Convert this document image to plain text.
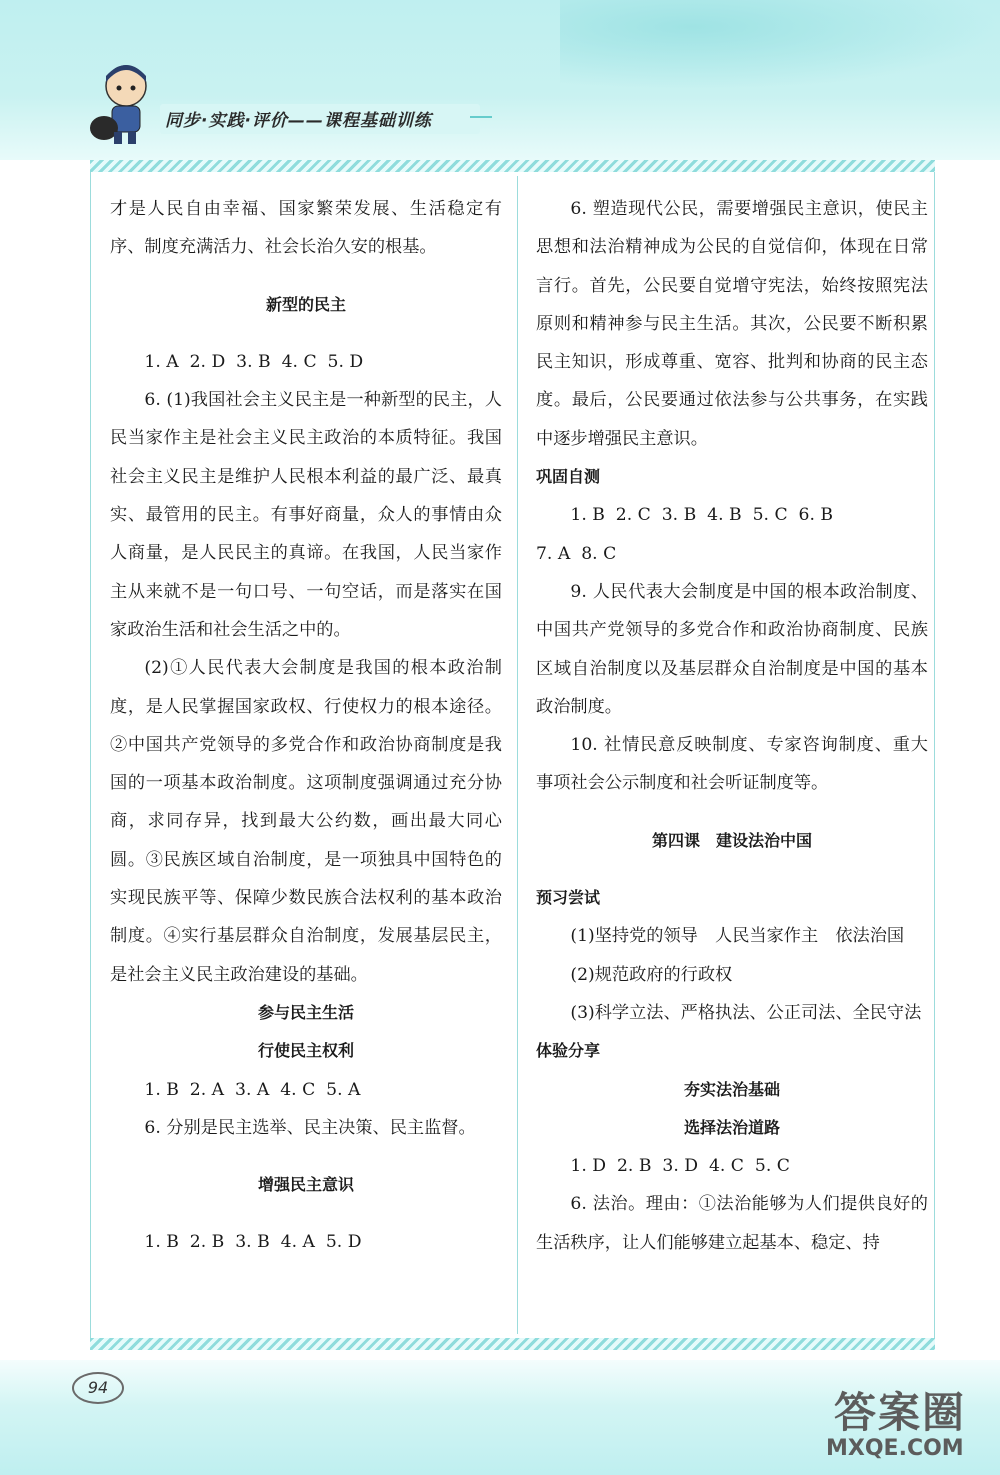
同步·实践·评价——课程基础训练

才是人民自由幸福、国家繁荣发展、生活稳定有序、制度充满活力、社会长治久安的根基。

新型的民主

1. A  2. D  3. B  4. C  5. D

6. (1)我国社会主义民主是一种新型的民主，人民当家作主是社会主义民主政治的本质特征。我国社会主义民主是维护人民根本利益的最广泛、最真实、最管用的民主。有事好商量，众人的事情由众人商量，是人民民主的真谛。在我国，人民当家作主从来就不是一句口号、一句空话，而是落实在国家政治生活和社会生活之中的。

(2)①人民代表大会制度是我国的根本政治制度，是人民掌握国家政权、行使权力的根本途径。②中国共产党领导的多党合作和政治协商制度是我国的一项基本政治制度。这项制度强调通过充分协商，求同存异，找到最大公约数，画出最大同心圆。③民族区域自治制度，是一项独具中国特色的实现民族平等、保障少数民族合法权利的基本政治制度。④实行基层群众自治制度，发展基层民主，是社会主义民主政治建设的基础。

参与民主生活

行使民主权利

1. B  2. A  3. A  4. C  5. A

6. 分别是民主选举、民主决策、民主监督。

增强民主意识

1. B  2. B  3. B  4. A  5. D

6. 塑造现代公民，需要增强民主意识，使民主思想和法治精神成为公民的自觉信仰，体现在日常言行。首先，公民要自觉增守宪法，始终按照宪法原则和精神参与民主生活。其次，公民要不断积累民主知识，形成尊重、宽容、批判和协商的民主态度。最后，公民要通过依法参与公共事务，在实践中逐步增强民主意识。

巩固自测

1. B  2. C  3. B  4. B  5. C  6. B

7. A  8. C

9. 人民代表大会制度是中国的根本政治制度、中国共产党领导的多党合作和政治协商制度、民族区域自治制度以及基层群众自治制度是中国的基本政治制度。

10. 社情民意反映制度、专家咨询制度、重大事项社会公示制度和社会听证制度等。

第四课　建设法治中国

预习尝试

(1)坚持党的领导　人民当家作主　依法治国

(2)规范政府的行政权

(3)科学立法、严格执法、公正司法、全民守法

体验分享

夯实法治基础

选择法治道路

1. D  2. B  3. D  4. C  5. C

6. 法治。理由：①法治能够为人们提供良好的生活秩序，让人们能够建立起基本、稳定、持

94
答案圈
MXQE.COM
